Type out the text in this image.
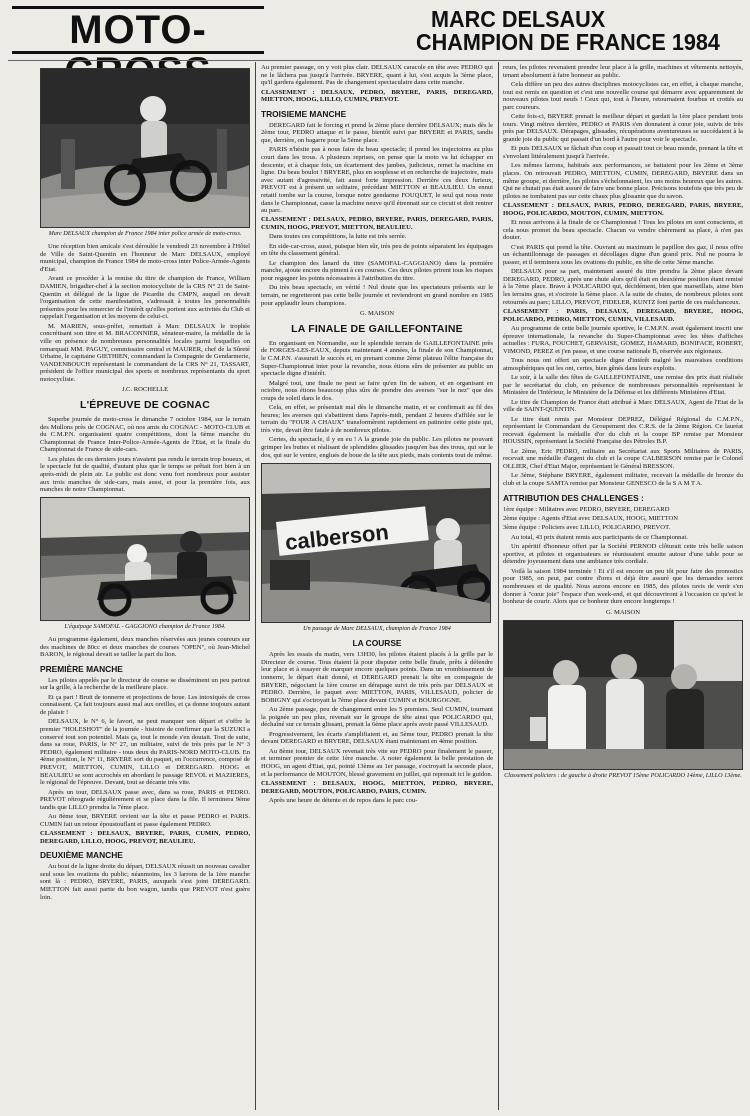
MOTO-	MARC DELSAUX
CHAMPION DE FRANCE 1984

Marc DELSAUX champion de France 1984 inter police armée de moto-cross.

Une réception bien amicale s'est déroulée le vendredi 23 novembre à l'Hôtel de Ville de Saint-Quentin en l'honneur de Marc DELSAUX, employé municipal, champion de France 1984 de moto-cross inter Police-Armée-Agents d'Etat.

Avant ce procéder à la remise du titre de champion de France, William DAMIEN, brigadier-chef à la section motocycliste de la CRS N° 21 de Saint-Quentin et délégué de la ligue de Picardie du CMPN, auquel on devait l'organisation de cette manifestation, s'adressait à toutes les personnalités présentes pour les remercier de l'intérêt qu'elles portent aux activités du Club et rappelait l'organisation et les moyens de celui-ci.

M. MARIEN, sous-préfet, remettait à Marc DELSAUX le trophée concrétisant son titre et M. BRACONNIER, sénateur-maire, la médaille de la ville en présence de nombreuses personnalités locales parmi lesquelles on remarquait MM. PAGUY, commissaire central et MAURER, chef de la Sûreté Urbaine, le capitaine GIETHIEN, commandant la Compagnie de Gendarmerie, VANDENBOUCH représentant le commandant de la CRS N° 21, TASSART, président de l'office municipal des sports et nombreux représentants du sport motocycliste.

J.C. ROCHELLE

L'ÉPREUVE DE COGNAC

Superbe journée de moto-cross le dimanche 7 octobre 1984, sur le terrain des Mullons près de COGNAC, où nos amis du COGNAC - MOTO-CLUB et du C.M.P.N. organisaient quatre compétitions, dont la 6ème manche du Championnat de France Inter-Police-Armée-Agents de l'Etat, et la finale du Championnat de France de side-cars.

Les pluies de ces derniers jours n'avaient pas rendu le terrain trop boueux, et le spectacle fut de qualité, d'autant plus que le temps se prêtait fort bien à un après-midi de plein air. Le public est donc venu fort nombreux pour assister aux trois manches de side-cars, mais aussi, et pour la première fois, aux manches de notre Championnat.

L'équipage SAMOFAL - GAGGIONO champion de France 1984.

Au programme également, deux manches réservées aux jeunes coureurs sur des machines de 80cc et deux manches de courses "OPEN", où Jean-Michel BARON, le régional devait se tailler la part du lion.

PREMIÈRE MANCHE

Les pilotes appelés par le directeur de course se disséminent un peu partout sur la grille, à la recherche de la meilleure place.

Et ça part ! Bruit de tonnerre et projections de boue. Les intoxiqués de cross connaissent. Ça fait toujours aussi mal aux oreilles, et ça donne toujours autant de plaisir !

DELSAUX, le N° 6, le favori, ne peut manquer son départ et s'offre le premier "HOLESHOT" de la journée - histoire de confirmer que la SUZUKI a conservé tout son potentiel. Mais ça, tout le monde s'en doutait. Tout de suite, dans sa roue, PARIS, le N° 27, un militaire, suivi de très près par le N° 3 PEDRO, également militaire - tous deux du PARIS-NORD MOTO-CLUB. En 4ème position, le N° 11, BRYERE sort du paquet, en l'occurrence, composé de PREVOT, MIETTON, CUMIN, LILLO et DEREGARD. HOOG et BEAULIEU se sont accrochés en abordant le passage REVOL et MAZIERES, le régional de l'épreuve. Devant, tout se décante très vite.

Après un tour, DELSAUX passe avec, dans sa roue, PARIS et PEDRO. PREVOT rétrograde régulièrement et se place dans la file. Il terminera 9ème tandis que LILLO prendra la 7ème place.

Au 8ème tour, BRYERE revient sur la tête et passe PEDRO et PARIS. CUMIN fait un retour époustouflant et passe également PEDRO.

CLASSEMENT : DELSAUX, BRYERE, PARIS, CUMIN, PEDRO, DEREGARD, LILLO, HOOG, PREVOT, BEAULIEU.

DEUXIÈME MANCHE

Au bout de la ligne droite du départ, DELSAUX réussit un nouveau cavalier seul sous les ovations du public; néanmoins, les 3 larrons de la 1ère manche sont là : PEDRO, BRYERE, PARIS, auxquels s'est joint DEREGARD. MIETTON fait aussi partie du bon wagon, tandis que PREVOT n'est guère loin.

Au premier passage, on y voit plus clair. DELSAUX caracole en tête avec PEDRO qui ne le lâchera pas jusqu'à l'arrivée. BRYERE, quant à lui, s'est acquis la 3ème place, qu'il gardera également. Pas de changement spectaculaire dans cette manche.

CLASSEMENT : DELSAUX, PEDRO, BRYERE, PARIS, DEREGARD, MIETTON, HOOG, LILLO, CUMIN, PREVOT.

TROISIEME MANCHE

DEREGARD fait le forcing et prend la 2ème place derrière DELSAUX; mais dès le 2ème tour, PEDRO attaque et le passe, bientôt suivi par BRYERE et PARIS, tandis que, derrière, on bagarre pour la 5ème place.

PARIS n'hésite pas à nous faire du beau spectacle; il prend les trajectoires au plus court dans les trous. A plusieurs reprises, on pense que la moto va lui échapper en descente, et à chaque fois, un écartement des jambes, judicieux, remet la machine en ligne. Du beau boulot ! BRYERE, plus en souplesse et en recherche de trajectoire, mais avec autant d'agressivité, fait aussi forte impression. Derrière ces deux furieux, PREVOT est à présent un solitaire, précédant MIETTON et BEAULIEU. Un ennui retatif tombe sur la course, lorsque notre gendarme FOUQUET, le seul qui nous reste dans le Championnat, casse la machine neuve qu'il étrennait sur ce circuit et doit rentrer au parc.

CLASSEMENT : DELSAUX, PEDRO, BRYERE, PARIS, DEREGARD, PARIS, CUMIN, HOOG, PREVOT, MIETTON, BEAULIEU.

Dans toutes ces compétitions, la lutte est très serrée.

En side-car-cross, aussi, puisque bien sûr, très peu de points séparaient les équipages en tête du classement général.

Le champion des lanard du titre (SAMOFAL-CAGGIANO) dans la première manche, ajoute encore du piment à ces courses. Ces deux pilotes prirent tous les risques pour regagner les points nécessaires à l'attribution du titre.

Du très beau spectacle, en vérité ! Nul doute que les spectateurs présents sur le terrain, ne regretteront pas cette belle journée et reviendront en grand nombre en 1985 pour applaudir leurs champions.

G. MAISON

LA FINALE DE GAILLEFONTAINE

En organisant en Normandie, sur le splendide terrain de GAILLEFONTAINE près de FORGES-LES-EAUX, depuis maintenant 4 années, la finale de son Championnat, le C.M.P.N. s'assurait le succès et, en prenant comme 2ème plateau l'élite française du Super-Championnat inter pour la revanche, nous étions sûrs de présenter au public un spectacle digne d'intérêt.

Malgré tout, une finale ne peut se faire qu'en fin de saison, et en organisant en octobre, nous étions beaucoup plus sûrs de prendre des averses "sur le nez" que des coups de soleil dans le dos.

Cela, en effet, se présentait mal dès le dimanche matin, et se confirmait au fil des heures; les averses qui s'abattirent dans l'après-midi, pendant 2 heures d'affilée sur le terrain du "FOUR A CHAUX" transformèrent rapidement en patinoire cette piste qui, très vite, devait être fatale à de nombreux pilotes.

Certes, du spectacle, il y en eu ! A la grande joie du public. Les pilotes ne pouvant grimper les buttes et réalisant de splendides glissades jusqu'en bas des trous, qui sur le dos, qui sur le ventre, englués de boue de la tête aux pieds, mais contents tout de même.

calberson

Un passage de Marc DELSAUX, champion de France 1984

LA COURSE

Après les essais du matin, vers 13H30, les pilotes étaient placés à la grille par le Directeur de course. Tous étaient là pour disputer cette belle finale, prêts à défendre leur place et à essayer de marquer encore quelques points. Dans un vrombissement de tonnerre, le départ était donné, et DEREGARD prenait la tête en compagnie de BRYERE, négociant la 1ère course en dérapage suivi de très près par DELSAUX et PEDRO. Derrière, le paquet avec MIETTON, PARIS, VILLESAUD, policier de BOBIGNY qui s'octroyait la 7ème place devant CUMIN et BOURGOGNE.

Au 2ème passage, peu de changement entre les 5 premiers. Seul CUMIN, tournant la poignée un peu plus, revenait sur le groupe de tête ainsi que POLICARDO qui, déchaîné sur ce terrain glissant, prenait la 6ème place après avoir passé VILLESAUD.

Progressivement, les écarts s'amplifiaient et, au 5ème tour, PEDRO prenait la tête devant DEREGARD et BRYERE, DELSAUX étant maintenant en 4ème position.

Au 8ème tour, DELSAUX revenait très vite sur PEDRO pour finalement le passer, et terminer premier de cette 1ère manche. A noter également la belle prestation de HOOG, un agent d'Etat, qui, pointé 13ème au 1er passage, s'octroyait la seconde place, et la performance de MOUTON, blessé gravement en juillet, qui reprenait ici le guidon.

CLASSEMENT : DELSAUX, HOOG, MIETTON, PEDRO, BRYERE, DEREGARD, MOUTON, POLICARDO, PARIS, CUMIN.

Après une heure de détente et de repos dans le parc cou-

reurs, les pilotes revenaient prendre leur place à la grille, machines et vêtements nettoyés, tenant absolument à faire honneur au public.

Cela diffère un peu des autres disciplines motocyclistes car, en effet, à chaque manche, tout est remis en question et c'est une nouvelle course qui démarre avec apparemment de nouveaux pilotes tout neufs ! Ceux qui, tout à l'heure, retournaient fourbus et crottés au parc coureurs.

Cette fois-ci, BRYERE prenait le meilleur départ et gardait la 1ère place pendant trois tours. Vingt mètres derrière, PEDRO et PARIS s'en donnaient à cœur joie, suivis de très près par DELSAUX. Dérapages, glissades, récupérations aventureuses se succédaient à la grande joie du public qui passait d'un bord à l'autre pour voir le spectacle.

Et puis DELSAUX se fâchait d'un coup et passait tout ce beau monde, prenant la tête et s'envolant littéralement jusqu'à l'arrivée.

Les mêmes larrons, habitués aux performances, se battaient pour les 2ème et 3ème places. On retrouvait PEDRO, MIETTON, CUMIN, DEREGARD, BRYERE dans un même groupe, et derrière, les pilotes s'échelonnaient, les uns moins heureux que les autres. Qui ne chutait pas était assuré de faire une bonne place. Précisons toutefois que très peu de pilotes ne tombaient pas sur cette chaux plus glissante que du savon.

CLASSEMENT : DELSAUX, PARIS, PEDRO, DEREGARD, PARIS, BRYERE, HOOG, POLICARDO, MOUTON, CUMIN, MIETTON.

Et nous arrivons à la finale de ce Championnat ! Tous les pilotes en sont conscients, et cela nous promet du beau spectacle. Chacun va vendre chèrement sa place, à n'en pas douter.

C'est PARIS qui prend la tête. Ouvrant au maximum le papillon des gaz, il nous offre un échantillonnage de passages et décollages digne d'un grand prix. Nul ne pourra le passer, et il terminera sous les ovations du public, en tête de cette 3ème manche.

DELSAUX pour sa part, maintenant assuré du titre prendra la 2ème place devant DEREGARD, PEDRO, après une chute alors qu'il était en deuxième position étant remisé à la 7ème place. Bravo à POLICARDO qui, décidément, bien que marseillais, aime bien les terrains gras, et s'octroie la 6ème place. A la suite de chutes, de nombreux pilotes sont retournés au parc; LILLO, PREVOT, FIDELER, KUNTZ font partie de ces malchanceux.

CLASSEMENT : PARIS, DELSAUX, DEREGARD, BRYERE, HOOG, POLICARDO, PEDRO, MIETTON, CUMIN, VILLESAUD.

Au programme de cette belle journée sportive, le C.M.P.N. avait également inscrit une épreuve internationale, la revanche du Super-Championnat avec les têtes d'affiches actuelles : FURA, FOUCHET, GERVAISE, GOMEZ, HAMARD, BONIFACE, ROBERT, VIMOND, PEREZ et j'en passe, et une course nationale B, réservée aux régionaux.

Tous nous ont offert un spectacle digne d'intérêt malgré les mauvaises conditions atmosphériques qui les ont, certes, bien gênés dans leurs exploits.

Le soir, à la salle des fêtes de GAILLEFONTAINE, une remise des prix était réalisée par le secrétariat du club, en présence de nombreuses personnalités représentant le Ministère de l'Intérieur, le Ministère de la Défense et les différents Ministères d'Etat.

Le titre de Champion de France était attribué à Marc DELSAUX, Agent de l'Etat de la ville de SAINT-QUENTIN.

Le titre était remis par Monsieur DEPREZ, Délégué Régional du C.M.P.N., représentant le Commandant du Groupement des C.R.S. de la 2ème Région. Ce lauréat recevait également la médaille d'or du club et la coupe BP remise par Monsieur HOUSSIN, représentant la Société Française des Pétroles B.P.

Le 2ème, Eric PEDRO, militaire au Secrétariat aux Sports Militaires de PARIS, recevait une médaille d'argent du club et la coupe CALBERSON remise par le Colonel OLLIER, Chef d'Etat Major, représentant le Général BRESSON.

Le 3ème, Stéphane BRYERE, également militaire, recevait la médaille de bronze du club et la coupe SAMTA remise par Monsieur GENESCO de la S A M T A.

ATTRIBUTION DES CHALLENGES :

1ère équipe : Militaires avec PEDRO, BRYERE, DEREGARD

2ème équipe : Agents d'Etat avec DELSAUX, HOOG, MIETTON

3ème équipe : Policiers avec LILLO, POLICARDO, PREVOT.

Au total, 43 prix étaient remis aux participants de ce Championnat.

Un apéritif d'honneur offert par la Société PERNOD clôturait cette très belle saison sportive, et pilotes et organisateurs se réunissaient ensuite autour d'une table pour se détendre joyeusement dans une ambiance très cordiale.

Voilà la saison 1984 terminée ! Et s'il est encore un peu tôt pour faire des pronostics pour 1985, on peut, par contre d'ores et déjà être assuré que les demandes seront nombreuses et de qualité. Nous aurons encore en 1985, des pilotes ravis de venir s'en donner à "cœur joie" l'espace d'un week-end, et qui découvriront à l'occasion ce qu'est le bonheur de courir. Alors que ce bonheur dure encore longtemps !

G. MAISON

Classement policiers : de gauche à droite PREVOT 15ème POLICARDO 14ème, LILLO 13ème.
